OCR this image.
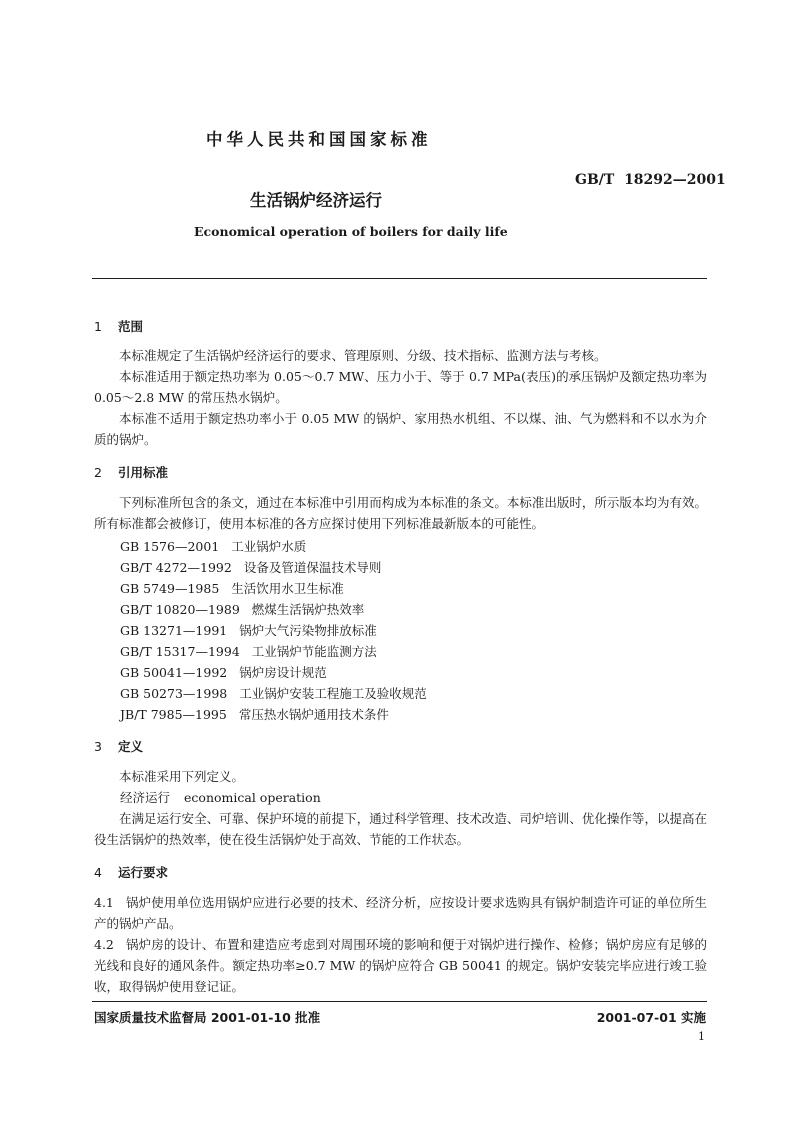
中华人民共和国国家标准
GB/T  18292—2001
生活锅炉经济运行
Economical operation of boilers for daily life
1 范围
本标准规定了生活锅炉经济运行的要求、管理原则、分级、技术指标、监测方法与考核。
本标准适用于额定热功率为 0.05～0.7 MW、压力小于、等于 0.7 MPa(表压)的承压锅炉及额定热功率为 0.05～2.8 MW 的常压热水锅炉。
本标准不适用于额定热功率小于 0.05 MW 的锅炉、家用热水机组、不以煤、油、气为燃料和不以水为介质的锅炉。
2 引用标准
下列标准所包含的条文，通过在本标准中引用而构成为本标准的条文。本标准出版时，所示版本均为有效。所有标准都会被修订，使用本标准的各方应探讨使用下列标准最新版本的可能性。
GB 1576—2001 工业锅炉水质
GB/T 4272—1992 设备及管道保温技术导则
GB 5749—1985 生活饮用水卫生标准
GB/T 10820—1989 燃煤生活锅炉热效率
GB 13271—1991 锅炉大气污染物排放标准
GB/T 15317—1994 工业锅炉节能监测方法
GB 50041—1992 锅炉房设计规范
GB 50273—1998 工业锅炉安装工程施工及验收规范
JB/T 7985—1995 常压热水锅炉通用技术条件
3 定义
本标准采用下列定义。
经济运行 economical operation
在满足运行安全、可靠、保护环境的前提下，通过科学管理、技术改造、司炉培训、优化操作等，以提高在役生活锅炉的热效率，使在役生活锅炉处于高效、节能的工作状态。
4 运行要求
4.1 锅炉使用单位选用锅炉应进行必要的技术、经济分析，应按设计要求选购具有锅炉制造许可证的单位所生产的锅炉产品。
4.2 锅炉房的设计、布置和建造应考虑到对周围环境的影响和便于对锅炉进行操作、检修；锅炉房应有足够的光线和良好的通风条件。额定热功率≥0.7 MW 的锅炉应符合 GB 50041 的规定。锅炉安装完毕应进行竣工验收，取得锅炉使用登记证。
国家质量技术监督局 2001-01-10 批准	2001-07-01 实施
1
